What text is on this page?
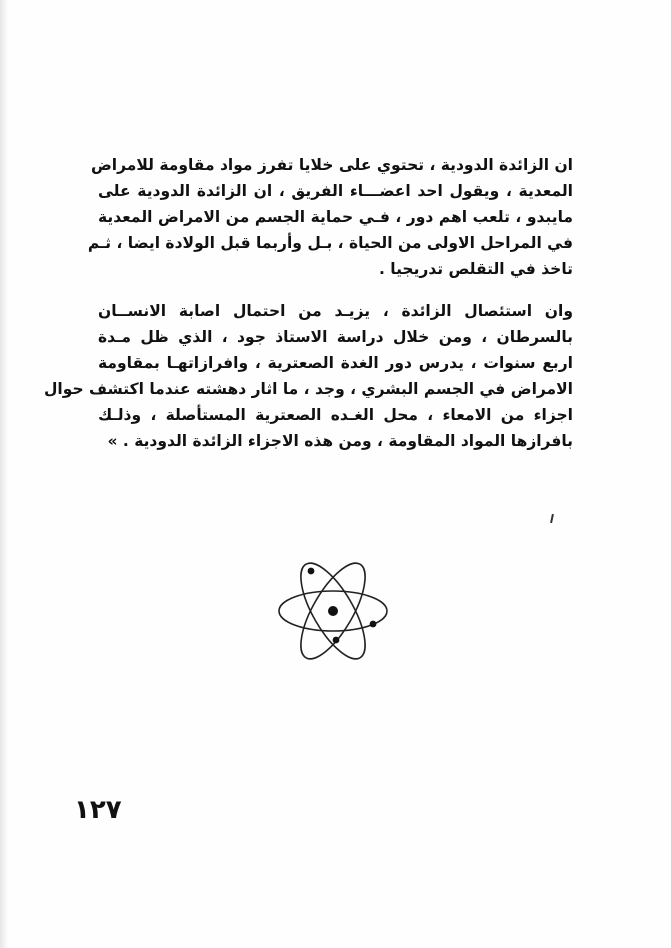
ان الزائدة الدودية ، تحتوي على خلايا تفرز مواد مقاومة للامراض
المعدية ، ويقول احد اعضـــاء الفريق ، ان الزائدة الدودية على
مايبدو ، تلعب اهم دور ، فـي حماية الجسم من الامراض المعدية
في المراحل الاولى من الحياة ، بـل وأربما قبل الولادة ايضا ، ثـم
تاخذ في التقلص تدريجيا .
وان استئصال الزائدة ، يزيـد من احتمال اصابة الانســان
بالسرطان ، ومن خلال دراسة الاستاذ جود ، الذي ظل مـدة
اربع سنوات ، يدرس دور الغدة الصعترية ، وافرازاتهـا بمقاومة
الامراض في الجسم البشري ، وجد ، ما اثار دهشته عندما اكتشف حوال
اجزاء من الامعاء ، محل الغـده الصعترية المستأصلة ، وذلـك
بافرازها المواد المقاومة ، ومن هذه الاجزاء الزائدة الدودية . »
١٢٧
